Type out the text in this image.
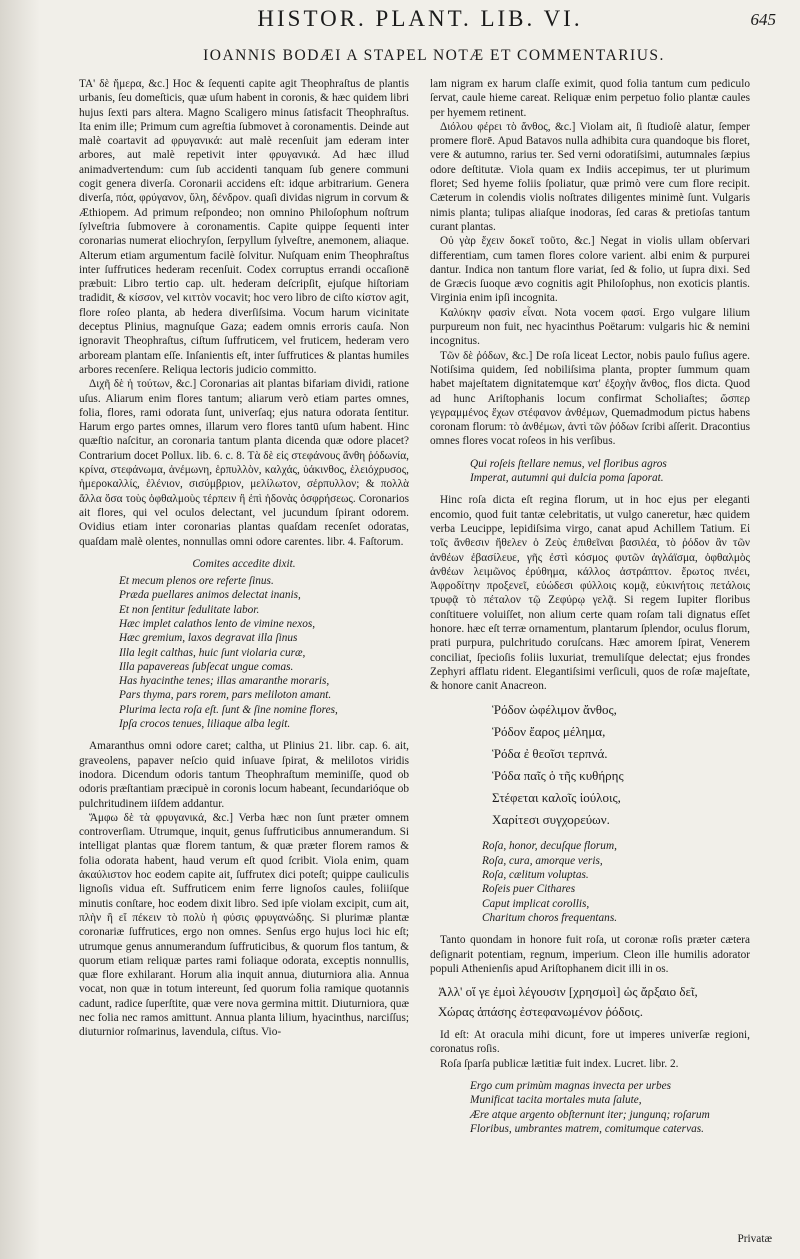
HISTOR. PLANT. LIB. VI.	645
IOANNIS BODÆI A STAPEL NOTÆ ET COMMENTARIUS.

TA' δὲ ἥμερα, &c.] Hoc & ſequenti capite agit Theophraſtus de plantis urbanis, ſeu domeſticis, quæ uſum habent in coronis, & hæc quidem libri hujus ſexti pars altera. Magno Scaligero minus ſatisfacit Theophraſtus. Ita enim ille; Primum cum agreſtia ſubmovet à coronamentis. Deinde aut malè coartavit ad φρυγανικά: aut malè recenſuit jam ederam inter arbores, aut malè repetivit inter φρυγανικά. Ad hæc illud animadvertendum: cum ſub accidenti tanquam ſub genere communi cogit genera diverſa. Coronarii accidens eſt: idque arbitrarium. Genera diverſa, πόα, φρύγανον, ὕλη, δένδρον. quaſi dividas nigrum in corvum & Æthiopem. Ad primum reſpondeo; non omnino Philoſophum noſtrum ſylveſtria ſubmovere à coronamentis. Capite quippe ſequenti inter coronarias numerat eliochryſon, ſerpyllum ſylveſtre, anemonem, aliaque. Alterum etiam argumentum facilè ſolvitur. Nuſquam enim Theophraſtus inter ſuffrutices hederam recenſuit. Codex corruptus errandi occaſionē præbuit: Libro tertio cap. ult. hederam deſcripſit, ejuſque hiſtoriam tradidit, & κίσσον, vel κιττὸν vocavit; hoc vero libro de ciſto κίστον agit, flore roſeo planta, ab hedera diverſiſsima. Vocum harum vicinitate deceptus Plinius, magnuſque Gaza; eadem omnis erroris cauſa. Non ignoravit Theophraſtus, ciſtum ſuffruticem, vel fruticem, hederam vero arboream plantam eſſe. Inſanientis eſt, inter ſuffrutices & plantas humiles arbores recenſere. Reliqua lectoris judicio committo.

Διχῆ δὲ ἡ τούτων, &c.] Coronarias ait plantas bifariam dividi, ratione uſus. Aliarum enim flores tantum; aliarum verò etiam partes omnes, folia, flores, rami odorata ſunt, univerſaq; ejus natura odorata ſentitur. Harum ergo partes omnes, illarum vero flores tantū uſum habent. Hinc quæſtio naſcitur, an coronaria tantum planta dicenda quæ odore placet? Contrarium docet Pollux. lib. 6. c. 8. Τὰ δὲ εἰς στεφάνους ἄνθη ῥόδωνία, κρίνα, στεφάνωμα, ἀνέμωνη, ἑρπυλλὸν, καλχάς, ὑάκινθος, ἑλειόχρυσος, ἡμεροκαλλίς, ἐλένιον, σισύμβριον, μελίλωτον, σέρπυλλον; & πολλὰ ἄλλα ὅσα τοὺς ὀφθαλμοὺς τέρπειν ἢ ἐπὶ ἡδονὰς ὀσφρήσεως. Coronarios ait flores, qui vel oculos delectant, vel jucundum ſpirant odorem. Ovidius etiam inter coronarias plantas quaſdam recenſet odoratas, quaſdam malè olentes, nonnullas omni odore carentes. libr. 4. Faſtorum.

Comites accedite dixit.
Et mecum plenos ore referte ſinus.
Præda puellares animos delectat inanis,
Et non ſentitur ſedulitate labor.
Hæc implet calathos lento de vimine nexos,
Hæc gremium, laxos degravat illa ſinus
Illa legit calthas, huic ſunt violaria curæ,
Illa papavereas ſubſecat ungue comas.
Has hyacinthe tenes; illas amaranthe moraris,
Pars thyma, pars rorem, pars meliloton amant.
Plurima lecta roſa eſt. ſunt & ſine nomine flores,
Ipſa crocos tenues, liliaque alba legit.

Amaranthus omni odore caret; caltha, ut Plinius 21. libr. cap. 6. ait, graveolens, papaver neſcio quid inſuave ſpirat, & melilotos viridis inodora. Dicendum odoris tantum Theophraſtum meminiſſe, quod ob odoris præſtantiam præcipuè in coronis locum habeant, ſecundarióque ob pulchritudinem iiſdem addantur.

Ἅμφω δὲ τὰ φρυγανικά, &c.] Verba hæc non ſunt præter omnem controverſiam. Utrumque, inquit, genus ſuffruticibus annumerandum. Si intelligat plantas quæ florem tantum, & quæ præter florem ramos & folia odorata habent, haud verum eſt quod ſcribit. Viola enim, quam ἀκαύλιστον hoc eodem capite ait, ſuffrutex dici poteſt; quippe cauliculis lignoſis vidua eſt. Suffruticem enim ferre lignoſos caules, foliiſque minutis conſtare, hoc eodem dixit libro. Sed ipſe violam excipit, cum ait, πλὴν ἢ εἴ πέκειν τὸ πολὺ ἡ φύσις φρυγανώδης. Si plurimæ plantæ coronariæ ſuffrutices, ergo non omnes. Senſus ergo hujus loci hic eſt; utrumque genus annumerandum ſuffruticibus, & quorum flos tantum, & quorum etiam reliquæ partes rami foliaque odorata, exceptis nonnullis, quæ flore exhilarant. Horum alia inquit annua, diuturniora alia. Annua vocat, non quæ in totum intereunt, ſed quorum folia ramique quotannis cadunt, radice ſuperſtite, quæ vere nova germina mittit. Diuturniora, quæ nec folia nec ramos amittunt. Annua planta lilium, hyacinthus, narciſſus; diuturnior roſmarinus, lavendula, ciſtus. Vio-

lam nigram ex harum claſſe eximit, quod folia tantum cum pediculo ſervat, caule hieme careat. Reliquæ enim perpetuo folio plantæ caules per hyemem retinent.

Διόλου φέρει τὸ ἄνθος, &c.] Violam ait, ſi ſtudioſè alatur, ſemper promere florē. Apud Batavos nulla adhibita cura quandoque bis floret, vere & autumno, rarius ter. Sed verni odoratiſsimi, autumnales ſæpius odore deſtitutæ. Viola quam ex Indiis accepimus, ter ut plurimum floret; Sed hyeme foliis ſpoliatur, quæ primò vere cum flore recipit. Cæterum in colendis violis noſtrates diligentes minimè ſunt. Vulgaris nimis planta; tulipas aliaſque inodoras, ſed caras & pretioſas tantum curant plantas.

Οὐ γὰρ ἔχειν δοκεῖ τοῦτο, &c.] Negat in violis ullam obſervari differentiam, cum tamen flores colore varient. albi enim & purpurei dantur. Indica non tantum flore variat, ſed & folio, ut ſupra dixi. Sed de Græcis ſuoque ævo cognitis agit Philoſophus, non exoticis plantis. Virginia enim ipſi incognita.

Καλύκην φασὶν εἶναι. Nota vocem φασί. Ergo vulgare lilium purpureum non fuit, nec hyacinthus Poëtarum: vulgaris hic & nemini incognitus.

Τῶν δὲ ῥόδων, &c.] De roſa liceat Lector, nobis paulo fuſius agere. Notiſsima quidem, ſed nobiliſsima planta, propter ſummum quam habet majeſtatem dignitatemque κατ' ἐξοχὴν ἄνθος, flos dicta. Quod ad hunc Ariſtophanis locum confirmat Scholiaſtes; ὥσπερ γεγραμμένος ἔχων στέφανον ἀνθέμων, Quemadmodum pictus habens coronam florum: τὸ ἀνθέμων, ἀντὶ τῶν ῥόδων ſcribi aſſerit. Dracontius omnes flores vocat roſeos in his verſibus.

Qui roſeis ſtellare nemus, vel floribus agros
Imperat, autumni qui dulcia poma ſaporat.

Hinc roſa dicta eſt regina florum, ut in hoc ejus per eleganti encomio, quod fuit tantæ celebritatis, ut vulgo caneretur, hæc quidem verba Leucippe, lepidiſsima virgo, canat apud Achillem Tatium. Εἰ τοῖς ἄνθεσιν ἤθελεν ὁ Ζεὺς ἐπιθεῖναι βασιλέα, τὸ ῥόδον ἂν τῶν ἀνθέων ἐβασίλευε, γῆς ἐστὶ κόσμος φυτῶν ἀγλάϊσμα, ὀφθαλμὸς ἀνθέων λειμῶνος ἐρύθημα, κάλλος ἀστράπτον. ἔρωτος πνέει, Ἀφροδίτην προξενεῖ, εὐώδεσι φύλλοις κομᾷ, εὐκινήτοις πετάλοις τρυφᾷ τὸ πέταλον τῷ Ζεφύρῳ γελᾷ. Si regem Iupiter floribus conſtituere voluiſſet, non alium certe quam roſam tali dignatus eſſet honore. hæc eſt terræ ornamentum, plantarum ſplendor, oculus florum, prati purpura, pulchritudo coruſcans. Hæc amorem ſpirat, Venerem conciliat, ſpecioſis foliis luxuriat, tremuliſque delectat; ejus frondes Zephyri afflatu rident. Elegantiſsimi verſiculi, quos de roſæ majeſtate, & honore canit Anacreon.

Ῥόδον ὠφέλιμον ἄνθος,
Ῥόδον ἔαρος μέλημα,
Ῥόδα ἐ θεοῖσι τερπνά.
Ῥόδα παῖς ὁ τῆς κυθήρης
Στέφεται καλοῖς ἰούλοις,
Χαρίτεσι συγχορεύων.
Roſa, honor, decuſque florum,
Roſa, cura, amorque veris,
Roſa, cælitum voluptas.
Roſeis puer Cithares
Caput implicat corollis,
Charitum choros frequentans.

Tanto quondam in honore fuit roſa, ut coronæ roſis præter cætera deſignarit potentiam, regnum, imperium. Cleon ille humilis adorator populi Athenienſis apud Ariſtophanem dicit illi in os.

Ἀλλ' οἵ γε ἐμοὶ λέγουσιν [χρησμοὶ] ὡς ἄρξαιο δεῖ,
Χώρας ἁπάσης ἐστεφανωμένον ῥόδοις.

Id eſt: At oracula mihi dicunt, fore ut imperes univerſæ regioni, coronatus roſis.

Roſa ſparſa publicæ lætitiæ fuit index. Lucret. libr. 2.

Ergo cum primùm magnas invecta per urbes
Munificat tacita mortales muta ſalute,
Ære atque argento obſternunt iter; jungunq; roſarum
Floribus, umbrantes matrem, comitumque catervas.
Privatæ
